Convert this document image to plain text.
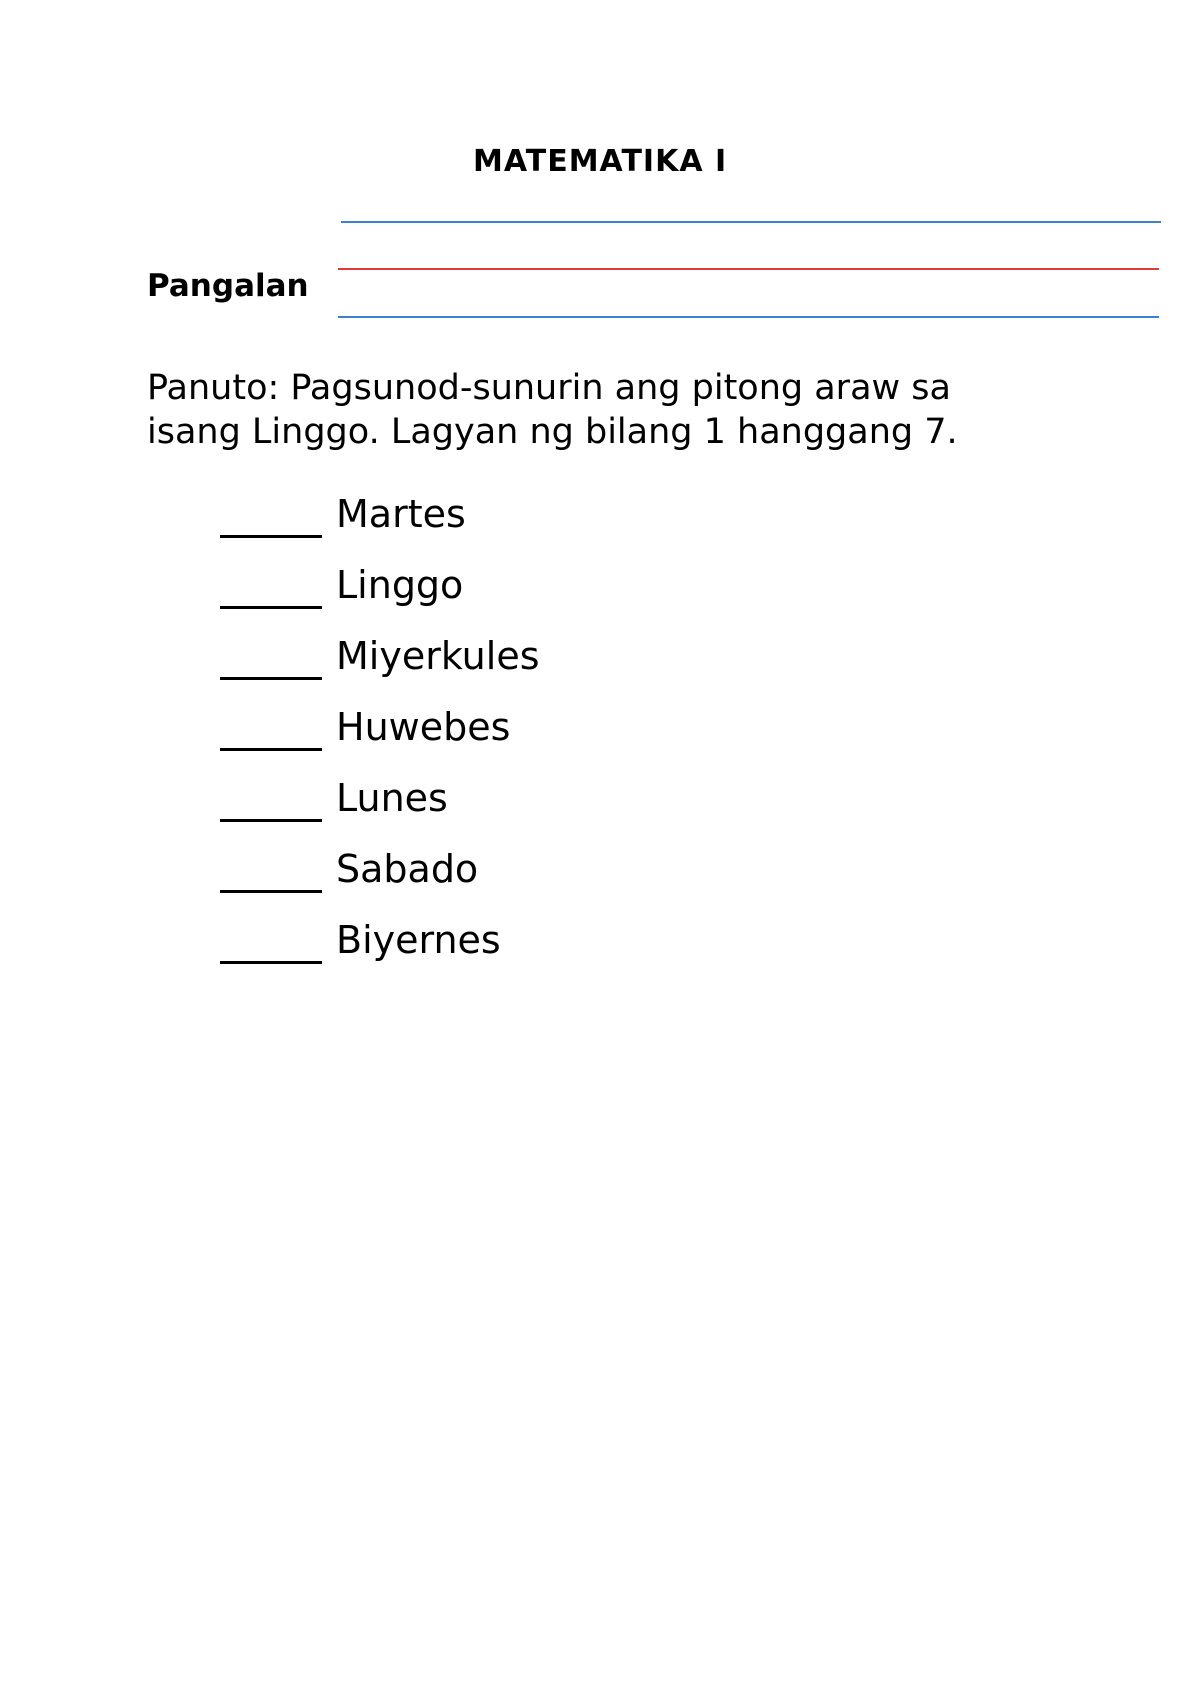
MATEMATIKA I
Pangalan
Panuto: Pagsunod-sunurin ang pitong araw sa
isang Linggo. Lagyan ng bilang 1 hanggang 7.
Martes
Linggo
Miyerkules
Huwebes
Lunes
Sabado
Biyernes
